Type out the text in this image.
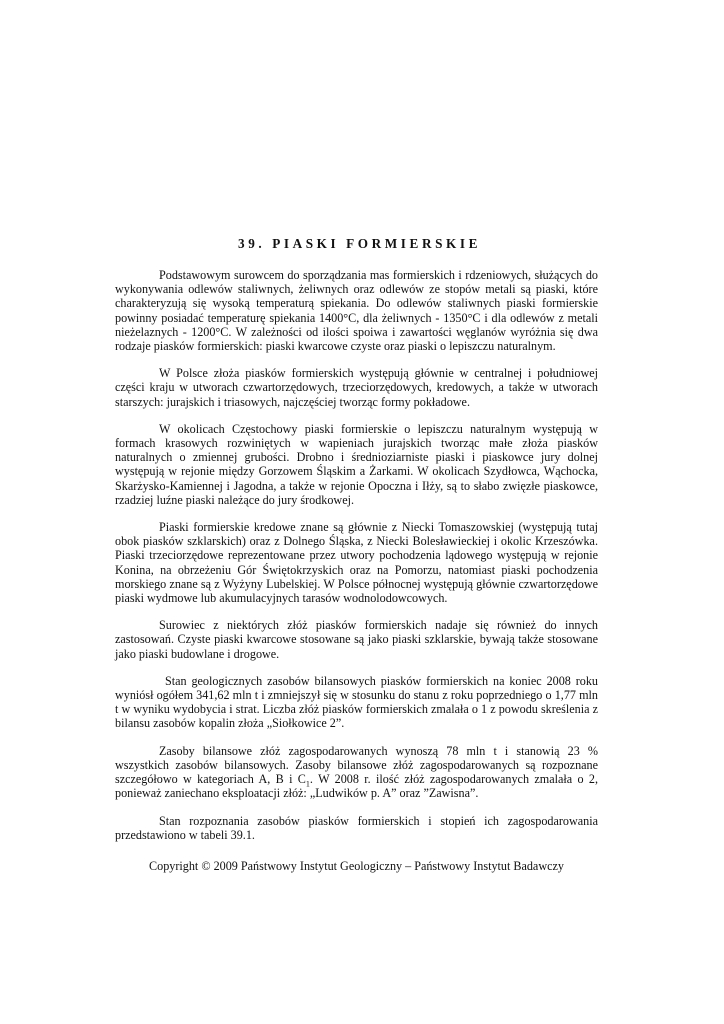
39. PIASKI FORMIERSKIE

Podstawowym surowcem do sporządzania mas formierskich i rdzeniowych, służących do wykonywania odlewów staliwnych, żeliwnych oraz odlewów ze stopów metali są piaski, które charakteryzują się wysoką temperaturą spiekania. Do odlewów staliwnych piaski formierskie powinny posiadać temperaturę spiekania 1400°C, dla żeliwnych - 1350°C i dla odlewów z metali nieżelaznych - 1200°C. W zależności od ilości spoiwa i zawartości węglanów wyróżnia się dwa rodzaje piasków formierskich: piaski kwarcowe czyste oraz piaski o lepiszczu naturalnym.

W Polsce złoża piasków formierskich występują głównie w centralnej i południowej części kraju w utworach czwartorzędowych, trzeciorzędowych, kredowych, a także w utworach starszych: jurajskich i triasowych, najczęściej tworząc formy pokładowe.

W okolicach Częstochowy piaski formierskie o lepiszczu naturalnym występują w formach krasowych rozwiniętych w wapieniach jurajskich tworząc małe złoża piasków naturalnych o zmiennej grubości. Drobno i średnioziarniste piaski i piaskowce jury dolnej występują w rejonie między Gorzowem Śląskim a Żarkami. W okolicach Szydłowca, Wąchocka, Skarżysko-Kamiennej i Jagodna, a także w rejonie Opoczna i Iłży, są to słabo zwięzłe piaskowce, rzadziej luźne piaski należące do jury środkowej.

Piaski formierskie kredowe znane są głównie z Niecki Tomaszowskiej (występują tutaj obok piasków szklarskich) oraz z Dolnego Śląska, z Niecki Bolesławieckiej i okolic Krzeszówka. Piaski trzeciorzędowe reprezentowane przez utwory pochodzenia lądowego występują w rejonie Konina, na obrzeżeniu Gór Świętokrzyskich oraz na Pomorzu, natomiast piaski pochodzenia morskiego znane są z Wyżyny Lubelskiej. W Polsce północnej występują głównie czwartorzędowe piaski wydmowe lub akumulacyjnych tarasów wodnolodowcowych.

Surowiec z niektórych złóż piasków formierskich nadaje się również do innych zastosowań. Czyste piaski kwarcowe stosowane są jako piaski szklarskie, bywają także stosowane jako piaski budowlane i drogowe.

Stan geologicznych zasobów bilansowych piasków formierskich na koniec 2008 roku wyniósł ogółem 341,62 mln t i zmniejszył się w stosunku do stanu z roku poprzedniego o 1,77 mln t w wyniku wydobycia i strat. Liczba złóż piasków formierskich zmalała o 1 z powodu skreślenia z bilansu zasobów kopalin złoża „Siołkowice 2”.

Zasoby bilansowe złóż zagospodarowanych wynoszą 78 mln t i stanowią 23 % wszystkich zasobów bilansowych. Zasoby bilansowe złóż zagospodarowanych są rozpoznane szczegółowo w kategoriach A, B i $C_1$. W 2008 r. ilość złóż zagospodarowanych zmalała o 2, ponieważ zaniechano eksploatacji złóż: „Ludwików p. A” oraz ”Zawisna”.

Stan rozpoznania zasobów piasków formierskich i stopień ich zagospodarowania przedstawiono w tabeli 39.1.

Copyright © 2009 Państwowy Instytut Geologiczny – Państwowy Instytut Badawczy
